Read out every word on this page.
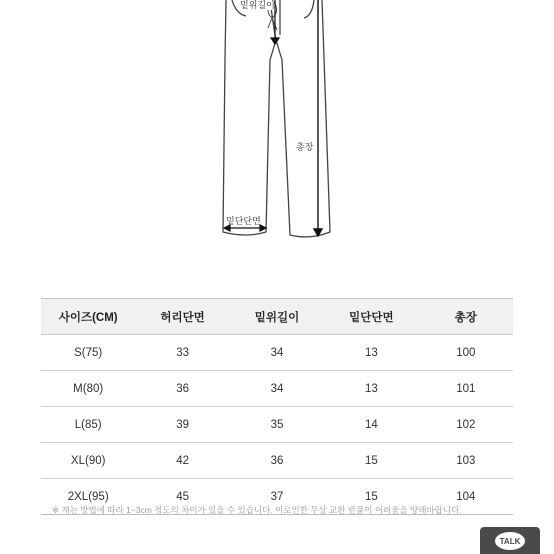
밑위길이
총장
밑단단면
사이즈(CM)	허리단면	밑위길이	밑단단면	총장
S(75)	33	34	13	100
M(80)	36	34	13	101
L(85)	39	35	14	102
XL(90)	42	36	15	103
2XL(95)	45	37	15	104
※ 재는 방법에 따라 1~3cm 정도의 차이가 있을 수 있습니다. 이로인한 무상 교환 반품이 어려움을 양해바랍니다.
TALK
